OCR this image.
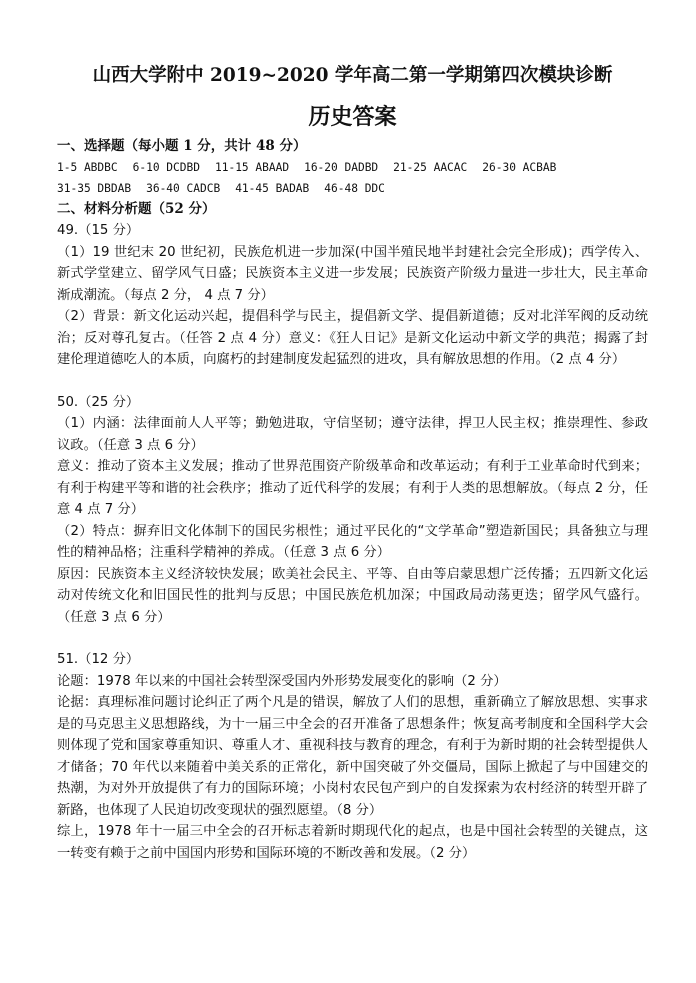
山西大学附中 2019~2020 学年高二第一学期第四次模块诊断
历史答案
一、选择题（每小题 1 分，共计 48 分）
1-5 ABDBC 6-10 DCDBD 11-15 ABAAD 16-20 DADBD 21-25 AACAC 26-30 ACBAB
31-35 DBDAB 36-40 CADCB 41-45 BADAB 46-48 DDC
二、材料分析题（52 分）

49.（15 分）

（1）19 世纪末 20 世纪初，民族危机进一步加深(中国半殖民地半封建社会完全形成)；西学传入、新式学堂建立、留学风气日盛；民族资本主义进一步发展；民族资产阶级力量进一步壮大，民主革命渐成潮流。（每点 2 分， 4 点 7 分）

（2）背景：新文化运动兴起，提倡科学与民主，提倡新文学、提倡新道德；反对北洋军阀的反动统治；反对尊孔复古。（任答 2 点 4 分）意义：《狂人日记》是新文化运动中新文学的典范；揭露了封建伦理道德吃人的本质，向腐朽的封建制度发起猛烈的进攻，具有解放思想的作用。（2 点 4 分）

50.（25 分）

（1）内涵：法律面前人人平等；勤勉进取，守信坚韧；遵守法律，捍卫人民主权；推崇理性、参政议政。（任意 3 点 6 分）

意义：推动了资本主义发展；推动了世界范围资产阶级革命和改革运动；有利于工业革命时代到来；有利于构建平等和谐的社会秩序；推动了近代科学的发展；有利于人类的思想解放。（每点 2 分，任意 4 点 7 分）

（2）特点：摒弃旧文化体制下的国民劣根性；通过平民化的“文学革命”塑造新国民；具备独立与理性的精神品格；注重科学精神的养成。（任意 3 点 6 分）

原因：民族资本主义经济较快发展；欧美社会民主、平等、自由等启蒙思想广泛传播；五四新文化运动对传统文化和旧国民性的批判与反思；中国民族危机加深；中国政局动荡更迭；留学风气盛行。（任意 3 点 6 分）

51.（12 分）

论题：1978 年以来的中国社会转型深受国内外形势发展变化的影响（2 分）

论据：真理标准问题讨论纠正了两个凡是的错误，解放了人们的思想，重新确立了解放思想、实事求是的马克思主义思想路线，为十一届三中全会的召开准备了思想条件；恢复高考制度和全国科学大会则体现了党和国家尊重知识、尊重人才、重视科技与教育的理念，有利于为新时期的社会转型提供人才储备；70 年代以来随着中美关系的正常化，新中国突破了外交僵局，国际上掀起了与中国建交的热潮，为对外开放提供了有力的国际环境；小岗村农民包产到户的自发探索为农村经济的转型开辟了新路，也体现了人民迫切改变现状的强烈愿望。（8 分）

综上，1978 年十一届三中全会的召开标志着新时期现代化的起点，也是中国社会转型的关键点，这一转变有赖于之前中国国内形势和国际环境的不断改善和发展。（2 分）
